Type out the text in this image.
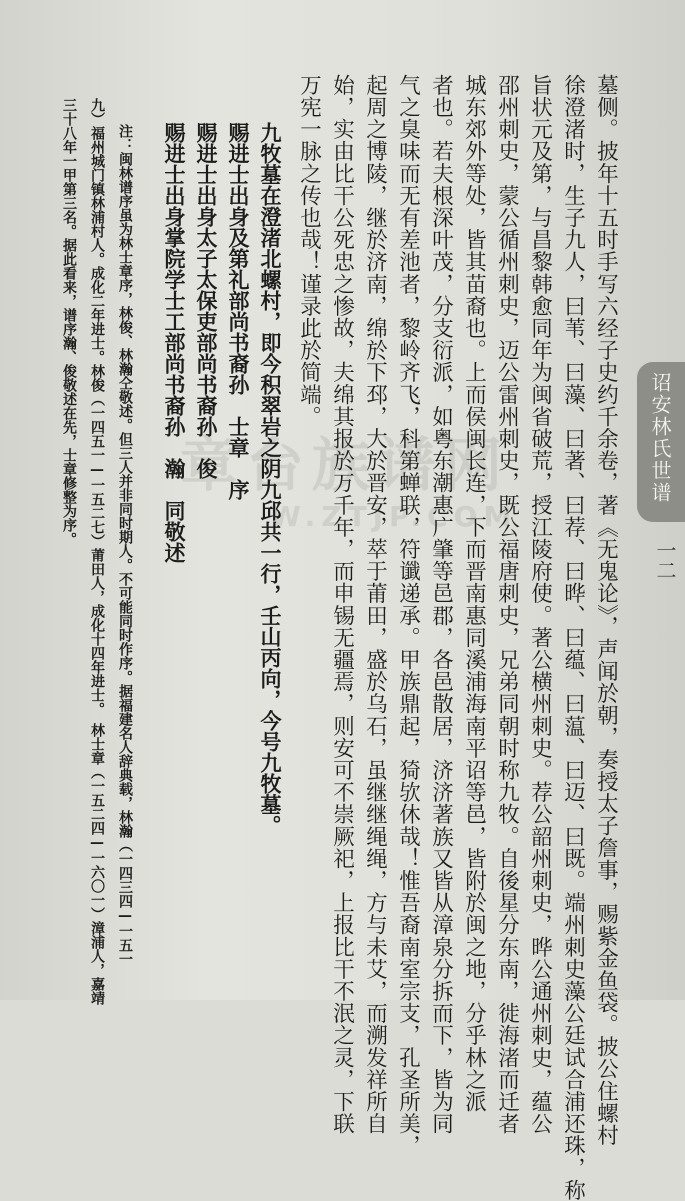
章台族谱网
W.ZTJP.COM	墓侧。披年十五时手写六经子史约千余卷，著《无鬼论》，声闻於朝，奏授太子詹事，赐紫金鱼袋。披公住螺村
徐澄渚时，生子九人，曰苇、曰藻、曰著、曰荐、曰晔、曰蕴、曰蕰、曰迈、曰既。端州刺史藻公廷试合浦还珠，称
旨状元及第，与昌黎韩愈同年为闽省破荒，授江陵府使。著公横州刺史。荐公韶州刺史，晔公通州刺史，蕴公
邵州刺史，蒙公循州刺史，迈公雷州刺史，既公福唐刺史，兄弟同朝时称九牧。自後星分东南，徙海渚而迁者
城东郊外等处，皆其苗裔也。上而侯闽长连，下而晋南惠同溪浦海南平诏等邑，皆附於闽之地，分乎林之派
者也。若夫根深叶茂，分支衍派，如粤东潮惠广肇等邑郡，各邑散居，济济著族又皆从漳泉分拆而下，皆为同
气之臭味而无有差池者，黎岭齐飞，科第蝉联，符谶递承。甲族鼎起，猗欤休哉！惟吾裔南室宗支，孔圣所美，
起周之博陵，继於济南，绵於下邳，大於晋安，萃于莆田，盛於乌石，虽继继绳绳，方与未艾，而溯发祥所自
始，实由比干公死忠之惨故，夫绵其报於万千年，而申锡无疆焉，则安可不崇厥祀，上报比干不泯之灵，下联
万宪一脉之传也哉！谨录此於简端。
九牧墓在澄渚北螺村，即今积翠岩之阴九邱共一行，壬山丙向，今号九牧墓。
赐进士出身及第礼部尚书裔孙　士章　序
赐进士出身太子太保吏部尚书裔孙　俊
赐进士出身掌院学士工部尚书裔孙　瀚　同敬述
注：闽林谱序虽为林士章序，林俊、林瀚仝敬述。但三人并非同时期人。不可能同时作序。据福建名人辞典载，林瀚（一四三四—一五一
九）福州城门镇林浦村人。成化二年进士。林俊（一四五一—一五二七）莆田人，成化十四年进士。　林士章（一五二四—一六〇一）漳浦人，嘉靖
三十八年一甲第三名。据此看来，谱序瀚、俊敬述在先，士章修整为序。	诏安林氏世谱
一二
